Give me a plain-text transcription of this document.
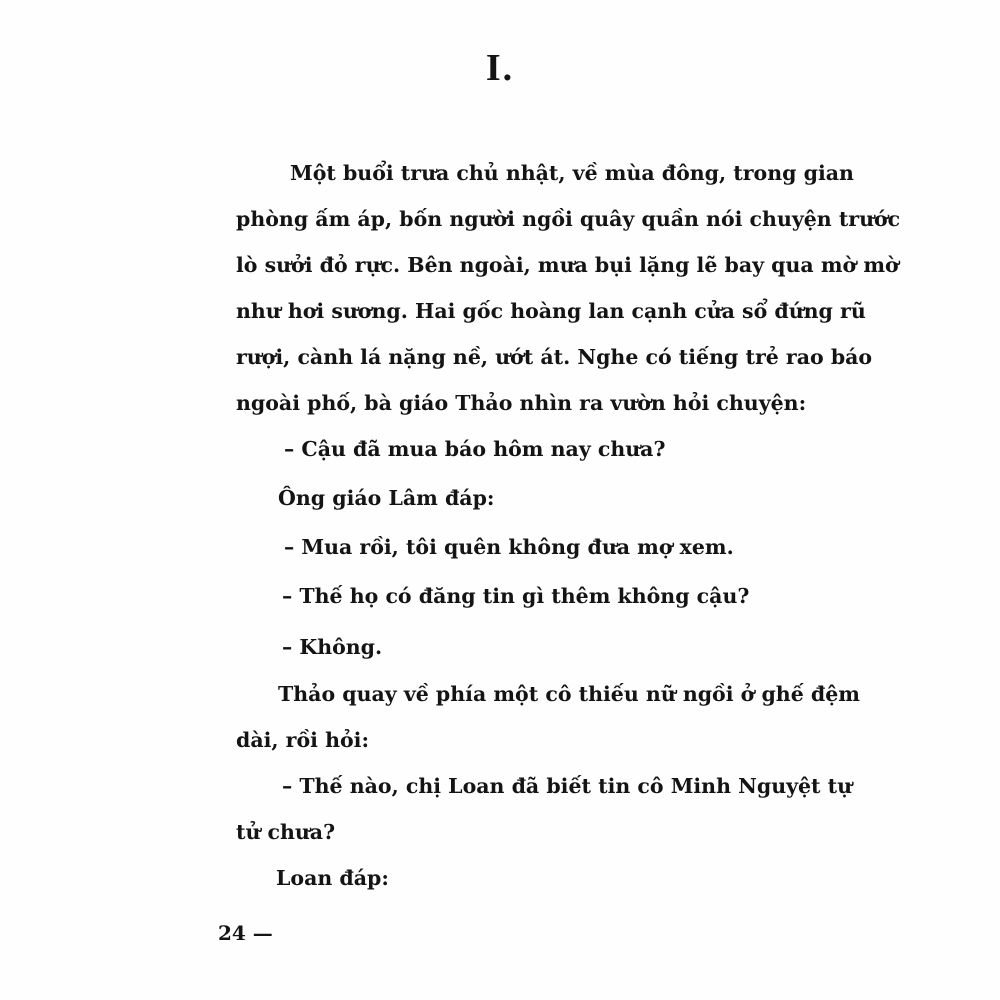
I.

Một buổi trưa chủ nhật, về mùa đông, trong gian

phòng ấm áp, bốn người ngồi quây quần nói chuyện trước

lò sưởi đỏ rực. Bên ngoài, mưa bụi lặng lẽ bay qua mờ mờ

như hơi sương. Hai gốc hoàng lan cạnh cửa sổ đứng rũ

rượi, cành lá nặng nề, ướt át. Nghe có tiếng trẻ rao báo

ngoài phố, bà giáo Thảo nhìn ra vườn hỏi chuyện:

– Cậu đã mua báo hôm nay chưa?

Ông giáo Lâm đáp:

– Mua rồi, tôi quên không đưa mợ xem.

– Thế họ có đăng tin gì thêm không cậu?

– Không.

Thảo quay về phía một cô thiếu nữ ngồi ở ghế đệm

dài, rồi hỏi:

– Thế nào, chị Loan đã biết tin cô Minh Nguyệt tự

tử chưa?

Loan đáp:

24 —
